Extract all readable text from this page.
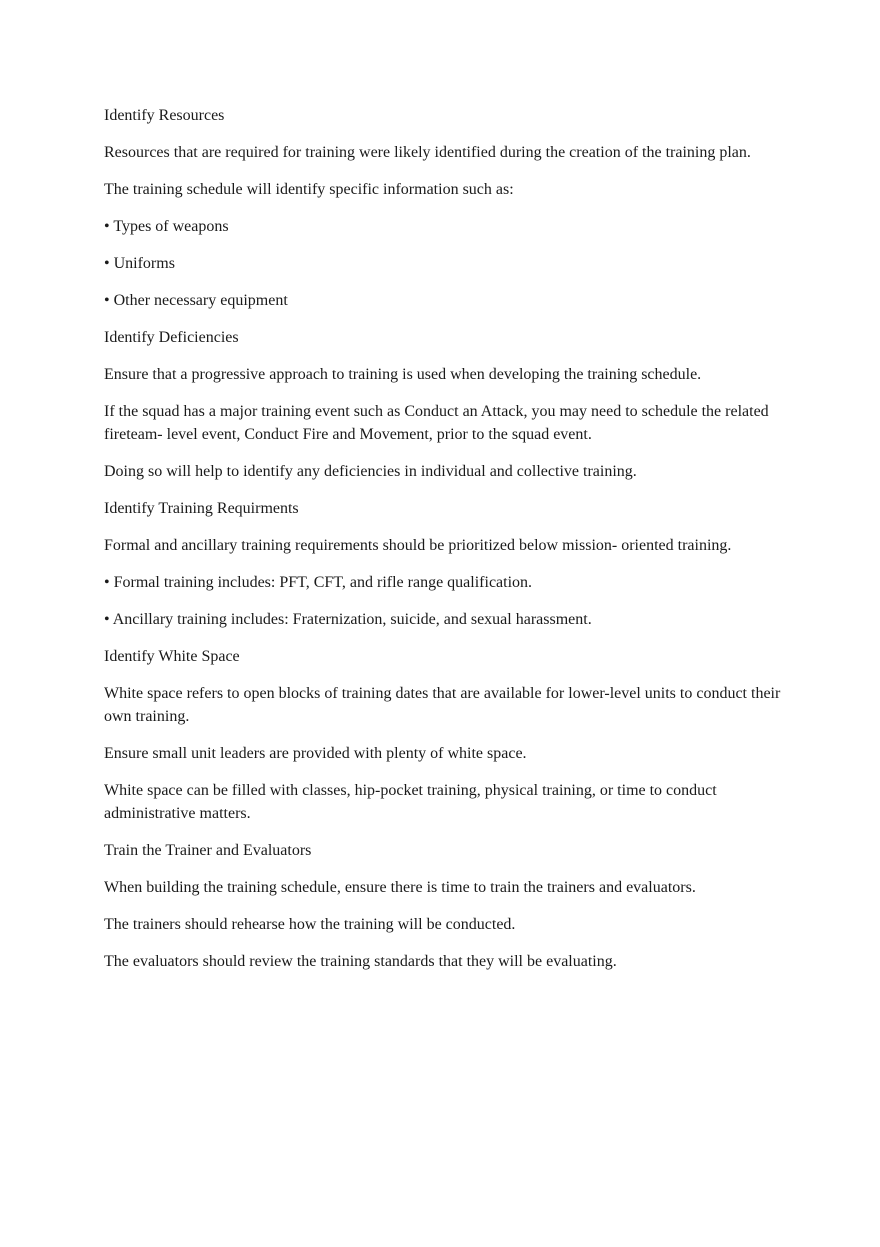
Identify Resources

Resources that are required for training were likely identified during the creation of the training plan.

The training schedule will identify specific information such as:

• Types of weapons

• Uniforms

• Other necessary equipment

Identify Deficiencies

Ensure that a progressive approach to training is used when developing the training schedule.

If the squad has a major training event such as Conduct an Attack, you may need to schedule the related fireteam- level event, Conduct Fire and Movement, prior to the squad event.

Doing so will help to identify any deficiencies in individual and collective training.

Identify Training Requirments

Formal and ancillary training requirements should be prioritized below mission- oriented training.

• Formal training includes: PFT, CFT, and rifle range qualification.

• Ancillary training includes: Fraternization, suicide, and sexual harassment.

Identify White Space

White space refers to open blocks of training dates that are available for lower-level units to conduct their own training.

Ensure small unit leaders are provided with plenty of white space.

White space can be filled with classes, hip-pocket training, physical training, or time to conduct administrative matters.

Train the Trainer and Evaluators

When building the training schedule, ensure there is time to train the trainers and evaluators.

The trainers should rehearse how the training will be conducted.

The evaluators should review the training standards that they will be evaluating.
